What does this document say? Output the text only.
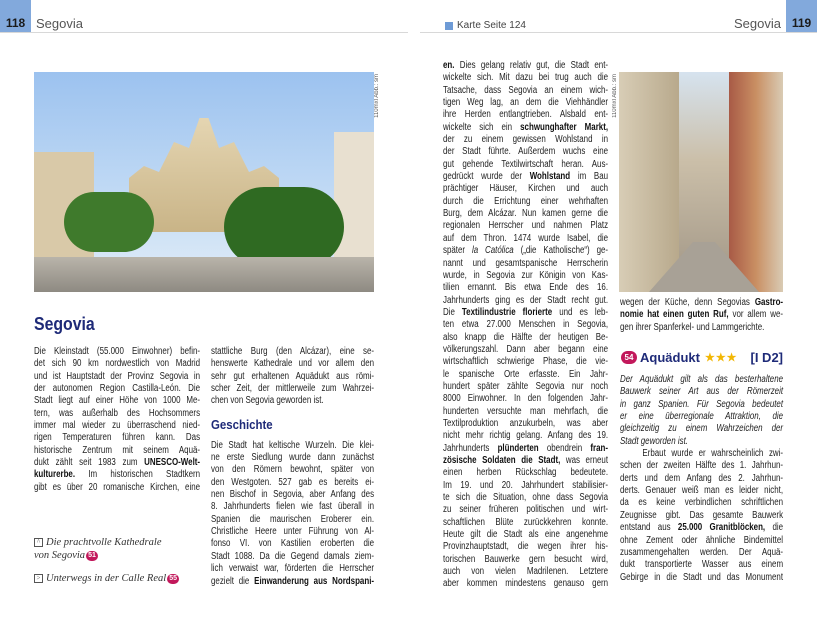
118 Segovia	Karte Seite 124	Segovia 119
110mxl Abb.: sm
Segovia
Die Kleinstadt (55.000 Einwohner) befin-
det sich 90 km nordwestlich von Madrid
und ist Hauptstadt der Provinz Segovia in
der autonomen Region Castilla-León. Die
Stadt liegt auf einer Höhe von 1000 Me-
tern, was außerhalb des Hochsommers
immer mal wieder zu überraschend nied-
rigen Temperaturen führen kann. Das
historische Zentrum mit seinem Aquä-
dukt zählt seit 1983 zum UNESCO-Welt-
kulturerbe. Im historischen Stadtkern
gibt es über 20 romanische Kirchen, eine
stattliche Burg (den Alcázar), eine se-
henswerte Kathedrale und vor allem den
sehr gut erhaltenen Aquädukt aus römi-
scher Zeit, der mittlerweile zum Wahrzei-
chen von Segovia geworden ist.
Geschichte
Die Stadt hat keltische Wurzeln. Die klei-
ne erste Siedlung wurde dann zunächst
von den Römern bewohnt, später von
den Westgoten. 527 gab es bereits ei-
nen Bischof in Segovia, aber Anfang des
8. Jahrhunderts fielen wie fast überall in
Spanien die maurischen Eroberer ein.
Christliche Heere unter Führung von Al-
fonso VI. von Kastilien eroberten die
Stadt 1088. Da die Gegend damals ziem-
lich verwaist war, förderten die Herrscher
gezielt die Einwanderung aus Nordspani-
^ Die prachtvolle Kathedrale
von Segovia 51
> Unterwegs in der Calle Real 55
en. Dies gelang relativ gut, die Stadt ent-
wickelte sich. Mit dazu bei trug auch die
Tatsache, dass Segovia an einem wich-
tigen Weg lag, an dem die Viehhändler
ihre Herden entlangtrieben. Alsbald ent-
wickelte sich ein schwunghafter Markt,
der zu einem gewissen Wohlstand in
der Stadt führte. Außerdem wuchs eine
gut gehende Textilwirtschaft heran. Aus-
gedrückt wurde der Wohlstand im Bau
prächtiger Häuser, Kirchen und auch
durch die Errichtung einer wehrhaften
Burg, dem Alcázar. Nun kamen gerne die
regionalen Herrscher und nahmen Platz
auf dem Thron. 1474 wurde Isabel, die
später la Católica („die Katholische“) ge-
nannt und gesamtspanische Herrscherin
wurde, in Segovia zur Königin von Kas-
tilien ernannt. Bis etwa Ende des 16.
Jahrhunderts ging es der Stadt recht gut.
Die Textilindustrie florierte und es leb-
ten etwa 27.000 Menschen in Segovia,
also knapp die Hälfte der heutigen Be-
völkerungszahl. Dann aber begann eine
wirtschaftlich schwierige Phase, die vie-
le spanische Orte erfasste. Ein Jahr-
hundert später zählte Segovia nur noch
8000 Einwohner. In den folgenden Jahr-
hunderten versuchte man mehrfach, die
Textilproduktion anzukurbeln, was aber
nicht mehr richtig gelang. Anfang des 19.
Jahrhunderts plünderten obendrein fran-
zösische Soldaten die Stadt, was erneut
einen herben Rückschlag bedeutete.
Im 19. und 20. Jahrhundert stabilisier-
te sich die Situation, ohne dass Segovia
zu seiner früheren politischen und wirt-
schaftlichen Blüte zurückkehren konnte.
Heute gilt die Stadt als eine angenehme
Provinzhauptstadt, die wegen ihrer his-
torischen Bauwerke gern besucht wird,
auch von vielen Madrilenen. Letztere
aber kommen mindestens genauso gern
110mxl Abb.: sm
wegen der Küche, denn Segovias Gastro-
nomie hat einen guten Ruf, vor allem we-
gen ihrer Spanferkel- und Lammgerichte.
54 Aquädukt ★★★ [I D2]
Der Aquädukt gilt als das besterhaltene
Bauwerk seiner Art aus der Römerzeit
in ganz Spanien. Für Segovia bedeutet
er eine überregionale Attraktion, die
gleichzeitig zu einem Wahrzeichen der
Stadt geworden ist.
Erbaut wurde er wahrscheinlich zwi-
schen der zweiten Hälfte des 1. Jahrhun-
derts und dem Anfang des 2. Jahrhun-
derts. Genauer weiß man es leider nicht,
da es keine verbindlichen schriftlichen
Zeugnisse gibt. Das gesamte Bauwerk
entstand aus 25.000 Granitblöcken, die
ohne Zement oder ähnliche Bindemittel
zusammengehalten werden. Der Aquä-
dukt transportierte Wasser aus einem
Gebirge in die Stadt und das Monument
